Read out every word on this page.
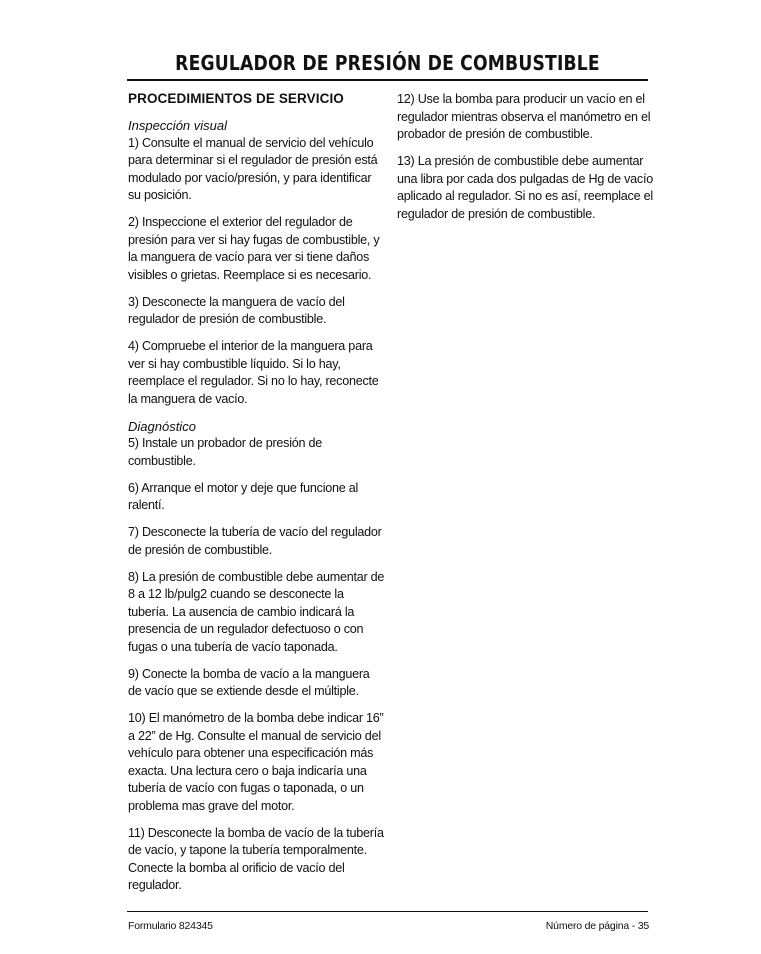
REGULADOR DE PRESIÓN DE COMBUSTIBLE
PROCEDIMIENTOS DE SERVICIO
Inspección visual

1) Consulte el manual de servicio del vehículo para determinar si el regulador de presión está modulado por vacío/presión, y para identificar su posición.

2) Inspeccione el exterior del regulador de presión para ver si hay fugas de combustible, y la manguera de vacío para ver si tiene daños visibles o grietas. Reemplace si es necesario.

3) Desconecte la manguera de vacío del regulador de presión de combustible.

4) Compruebe el interior de la manguera para ver si hay combustible líquido. Si lo hay, reemplace el regulador. Si no lo hay, reconecte la manguera de vacío.

Diagnóstico

5) Instale un probador de presión de combustible.

6) Arranque el motor y deje que funcione al ralentí.

7) Desconecte la tubería de vacío del regulador de presión de combustible.

8) La presión de combustible debe aumentar de 8 a 12 lb/pulg2 cuando se desconecte la tubería. La ausencia de cambio indicará la presencia de un regulador defectuoso o con fugas o una tubería de vacío taponada.

9) Conecte la bomba de vacío a la manguera de vacío que se extiende desde el múltiple.

10) El manómetro de la bomba debe indicar 16” a 22” de Hg. Consulte el manual de servicio del vehículo para obtener una especificación más exacta. Una lectura cero o baja indicaría una tubería de vacío con fugas o taponada, o un problema mas grave del motor.

11) Desconecte la bomba de vacío de la tubería de vacío, y tapone la tubería temporalmente. Conecte la bomba al orificio de vacío del regulador.

12) Use la bomba para producir un vacío en el regulador mientras observa el manómetro en el probador de presión de combustible.

13) La presión de combustible debe aumentar una libra por cada dos pulgadas de Hg de vacío aplicado al regulador. Si no es así, reemplace el regulador de presión de combustible.

Formulario 824345	Número de página - 35
